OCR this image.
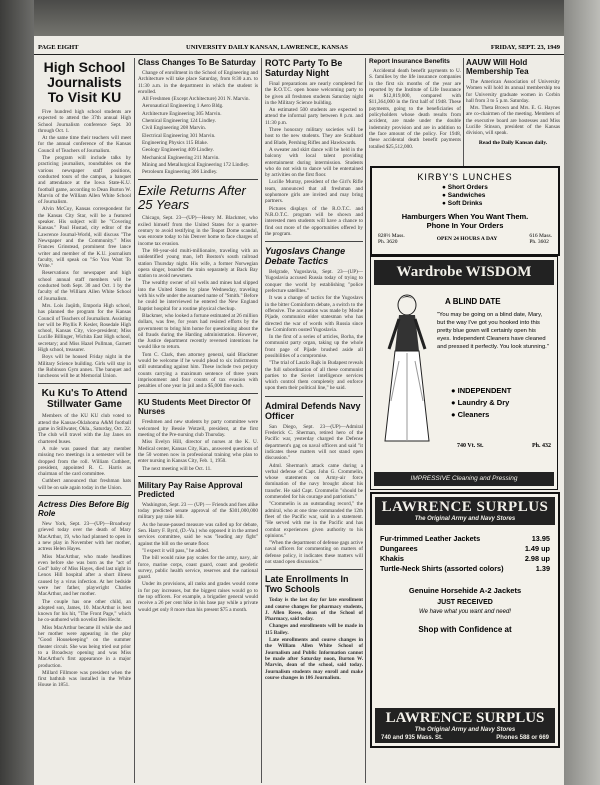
PAGE EIGHT	UNIVERSITY DAILY KANSAN, LAWRENCE, KANSAS	FRIDAY, SEPT. 23, 1949
High School Journalists To Visit KU

Five hundred high school students are expected to attend the 37th annual High School Journalism conference Sept. 30 through Oct. 1.

At the same time their teachers will meet for the annual conference of the Kansas Council of Teachers of Journalism.

The program will include talks by practicing journalists, roundtables on the various newspaper staff positions, conducted tours of the campus, a banquet and attendance at the Iowa State-K.U. football game, according to Dean Burton W. Marvin of the William Allen White School of Journalism.

Alvin McCoy, Kansas correspondent for the Kansas City Star, will be a featured speaker. His subject will be "Covering Kansas." Paul Hustad, city editor of the Lawrence Journal-World, will discuss "The Newspaper and the Community." Miss Frances Grinstead, prominent free lance writer and member of the K.U. journalism faculty, will speak on "So You Want To Write."

Reservations for newspaper and high school annual staff members will be conducted both Sept. 30 and Oct. 1 by the faculty of the William Allen White School of Journalism.

Mrs. Lois Jaqiith, Emporia High school, has planned the program for the Kansas Council of Teachers of Journalism. Assisting her will be Phyllis P. Kesler, Rosedale High school, Kansas City, vice-president; Miss Lucille Billinger, Wichita East High school, secretary; and Miss Hazel Pullman, Garnett High school, treasurer.

Boys will be housed Friday night in the Military Science building. Girls will stay in the Robinson Gym annex. The banquet and luncheons will be at Memorial Union.

Ku Ku's To Attend Stillwater Game

Members of the KU KU club voted to attend the Kansas-Oklahoma A&M football game in Stillwater, Okla., Saturday, Oct. 22. The club will travel with the Jay Janes on chartered buses.

A rule was passed that any member missing two meetings in a semester will be dropped from the roll. William Cuthbert, president, appointed R. C. Harris as chairman of the card committee.

Cuthbert announced that freshman hats will be on sale again today in the Union.

Actress Dies Before Big Role

New York, Sept. 23—(UP)—Broadway grieved today over the death of Mary MacArthur, 19, who had planned to open in a new play in November with her mother, actress Helen Hayes.

Miss MacArthur, who made headlines even before she was born as the "act of God" baby of Miss Hayes, died last night in Lenox Hill hospital after a short illness caused by a virus infection. At her bedside were her father, playwright Charles MacArthur, and her mother.

The couple has one other child, an adopted son, James, 10. MacArthur is best known for his hit, "The Front Page," which he co-authored with novelist Ben Hecht.

Miss MacArthur became ill while she and her mother were appearing in the play "Good Housekeeping" on the summer theater circuit. She was being tried out prior to a Broadway opening and was Miss MacArthur's first appearance in a major production.

Millard Fillmore was president when the first bathtub was installed in the White House in 1851.

Class Changes To Be Saturday

Change of enrollment in the School of Engineering and Architecture will take place Saturday, from 8:30 a.m. to 11:30 a.m. in the department in which the student is enrolled.

All Freshmen (Except Architecture) 201 N. Marvin.

Aeronautical Engineering 1 Aero Bldg.

Architecture Engineering 305 Marvin.

Chemical Engineering 124 Lindley.

Civil Engineering 208 Marvin.

Electrical Engineering 301 Marvin.

Engineering Physics 115 Blake.

Geology Engineering 409 Lindley.

Mechanical Engineering 211 Marvin.

Mining and Metallurgical Engineering 172 Lindley.

Petroleum Engineering 306 Lindley.

Exile Returns After 25 Years

Chicago, Sept. 23—(UP)—Henry M. Blackmer, who exiled himself from the United States for a quarter-century to avoid testifying in the Teapot Dome scandal, was enroute today to his Denver home to face charges of income tax evasion.

The 80-year-old multi-millionaire, traveling with an unidentified young man, left Boston's south railroad station Thursday night. His wife, a former Norwegian opera singer, boarded the train separately at Back Bay station to avoid newsmen.

The wealthy owner of oil wells and mines had slipped into the United States by plane Wednesday, traveling with his wife under the assumed name of "Smith." Before he could be interviewed he entered the New England Baptist hospital for a routine physical checkup.

Blackmer, who looked a fortune estimated at 26 million dollars, was free, for years had resisted efforts by the government to bring him home for questioning about the oil frauds during the Harding administration. However, the Justice department recently reversed intentions he would like to return.

Tom C. Clark, then attorney general, said Blackmer would be welcome if he would plead to six indictments still outstanding against him. These include two perjury counts carrying a maximum sentence of three years imprisonment and four counts of tax evasion with penalties of one year in jail and a $5,000 fine each.

KU Students Meet Director Of Nurses

Freshmen and new students by party committee were welcomed by Bessie Wotzell, president, at the first meeting of the Pre-nursing club Thursday.

Miss Evelyn Hill, director of nurses at the K. U. Medical center, Kansas City, Kan., answered questions of the 50 women now in professional training who plan to enter nursing in Kansas City, Feb. 1, 1950.

The next meeting will be Oct. 11.

Military Pay Raise Approval Predicted

Washington, Sept. 23 — (UP) — Friends and foes alike today predicted senate approval of the $301,000,000 military pay raise bill.

As the house-passed measure was called up for debate, Sen. Harry F. Byrd, (D.-Va.) who opposed it in the armed services committee, said he was "leading any fight" against the bill on the senate floor.

"I expect it will pass," he added.

The bill would raise pay scales for the army, navy, air force, marine corps, coast guard, coast and geodetic survey, public health service, reserves and the national guard.

Under its provisions, all ranks and grades would come in for pay increases, but the biggest raises would go to the top officers. For example, a brigadier general would receive a 26 per cent hike in his base pay while a private would get only 8 more than his present $75 a month.

ROTC Party To Be Saturday Night

Final preparations are nearly completed for the R.O.T.C. open house welcoming party to be given all freshmen students Saturday night in the Military Science building.

An estimated 500 students are expected to attend the informal party between 8 p.m. and 11:30 p.m.

Three honorary military societies will be host to the new students. They are Scabbard and Blade, Pershing Rifles and Hawkwards.

A sweater and skirt dance will be held in the balcony with local talent providing entertainment during intermission. Students who do not wish to dance will be entertained by activities on the first floor.

Lucille Murray, president of the Girl's Rifle team, announced that all freshman and sophomore girls are invited and may bring partners.

Pictures displays of the R.O.T.C. and N.R.O.T.C. program will be shown and interested men students will have a chance to find out more of the opportunities offered by the program.

Yugoslavs Change Debate Tactics

Belgrade, Yugoslavia, Sept. 23—(UP)—Yugoslavia accused Russia today of trying to conquer the world by establishing "police prefecture satellites."

It was a change of tactics for the Yugoslavs in the bitter Cominform debate, a switch to the offensive. The accusation was made by Moshe Pijade, communist elder statesman who has directed the war of words with Russia since the Cominform ousted Yugoslavia.

In the first of a series of articles, Borba, the communist party organ, taking up the whole front page of Pijade brushed aside all possibilities of a compromise.

"The trial of Laszlo Rajk in Budapest reveals the full subordination of all these communist parties to the Soviet intelligence services which control them completely and enforce upon them their political line," he said.

Admiral Defends Navy Officer

San Diego, Sept. 23—(UP)—Admiral Frederick C. Sherman, retired hero of the Pacific war, yesterday charged the Defense department's gag on naval officers and said "it indicates these matters will not stand open discussion."

Adml. Sherman's attack came during a verbal defense of Capt. John G. Crommelin, whose statements on Army-air force domination of the navy brought about his transfer. He said Capt. Crommelin "should be commended for his courage and patriotism."

"Crommelin is an outstanding record," the admiral, who at one time commanded the 12th fleet of the Pacific war, said in a statement. "He served with me in the Pacific and has combat experiences given authority to his opinions."

"When the department of defense gags active naval officers for commenting on matters of defense policy, it indicates these matters will not stand open discussion."

Late Enrollments In Two Schools

Today is the last day for late enrollment and course changes for pharmacy students, J. Allen Reese, dean of the School of Pharmacy, said today.

Changes and enrollments will be made in 115 Bailey.

Late enrollments and course changes in the William Allen White School of Journalism and Public Information cannot be made after Saturday noon, Burton W. Marvin, dean of the school, said today. Journalism students may enroll and make course changes in 106 Journalism.

Report Insurance Benefits

Accidental death benefit payments to U. S. families by the life insurance companies in the first six months of the year are reported by the Institute of Life Insurance as $12,819,000, compared with $11,364,000 in the first half of 1948. These payments, going to the beneficiaries of policyholders whose death results from accident, are made under the double indemnity provision and are in addition to the face amount of the policy. For 1948, these accidental death benefit payments totalled $25,512,000.

AAUW Will Hold Membership Tea

The American Association of University Women will hold its annual membership tea for University graduate women in Corbin hall from 3 to 5 p.m. Saturday.

Mrs. Theta Brown and Mrs. E. G. Haynes are co-chairmen of the meeting. Members of the executive board are hostesses and Miss Lucille Stinson, president of the Kansas division, will speak.

Read the Daily Kansan daily.
KIRBY'S LUNCHES
● Short Orders
● Sandwiches
● Soft Drinks
Hamburgers When You Want Them.
Phone In Your Orders
828½ Mass.
Ph. 3620	OPEN 24 HOURS A DAY	616 Mass.
Ph. 3602
Wardrobe WISDOM
A BLIND DATE
"You may be going on a blind date, Mary, but the way I've got you hooked into this pretty blue gown will certainly open his eyes. Independent Cleaners have cleaned and pressed it perfectly. You look stunning."
● INDEPENDENT
● Laundry & Dry
● Cleaners
740 Vt. St.	Ph. 432
IMPRESSIVE Cleaning and Pressing
LAWRENCE SURPLUS
The Original Army and Navy Stores
Fur-trimmed Leather Jackets	13.95
Dungarees	1.49 up
Khakis	2.98 up
Turtle-Neck Shirts (assorted colors)	1.39
Genuine Horsehide A-2 Jackets
JUST RECEIVED
We have what you want and need!
Shop with Confidence at
LAWRENCE SURPLUS
The Original Army and Navy Stores
740 and 935 Mass. St.	Phones 588 or 669
